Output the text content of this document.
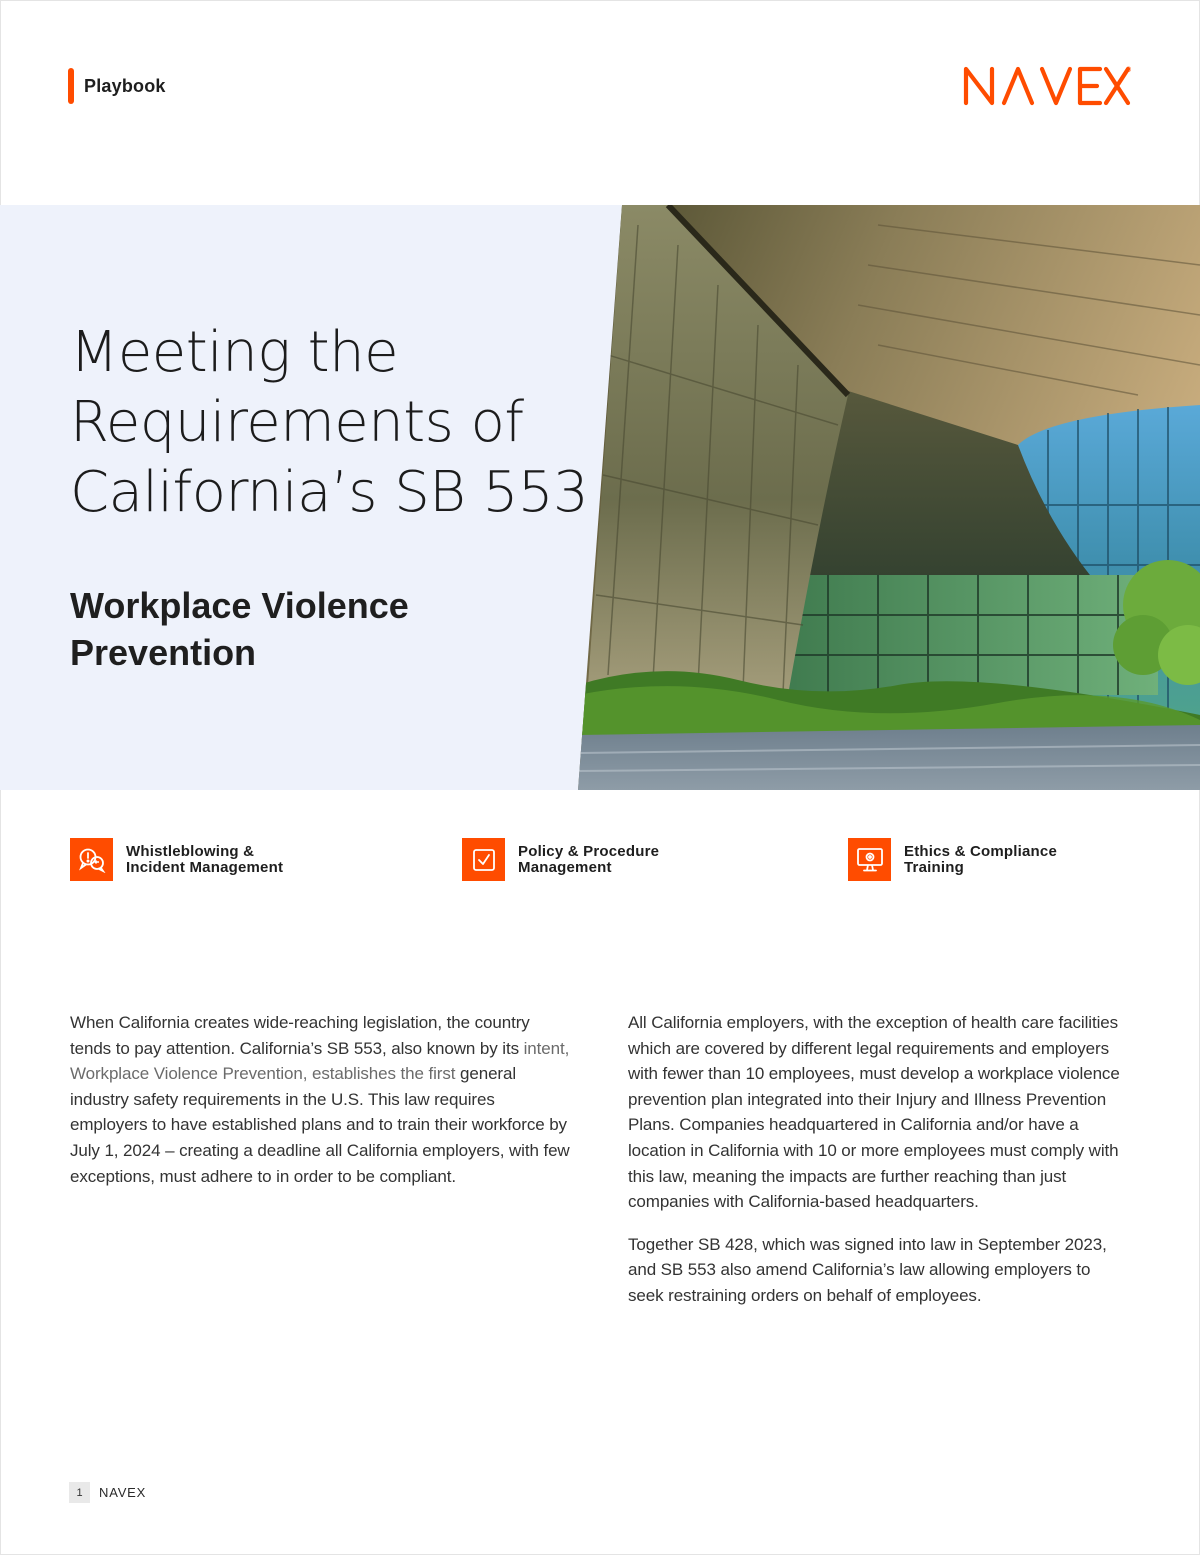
Playbook
®
Meeting the
Requirements of
California’s SB 553
Workplace Violence
Prevention
Whistleblowing &
Incident Management
Policy & Procedure
Management
Ethics & Compliance
Training

When California creates wide-reaching legislation, the country tends to pay attention. California’s SB 553, also known by its intent, Workplace Violence Prevention, establishes the first general industry safety requirements in the U.S. This law requires employers to have established plans and to train their workforce by July 1, 2024 – creating a deadline all California employers, with few exceptions, must adhere to in order to be compliant.

All California employers, with the exception of health care facilities which are covered by different legal requirements and employers with fewer than 10 employees, must develop a workplace violence prevention plan integrated into their Injury and Illness Prevention Plans. Companies headquartered in California and/or have a location in California with 10 or more employees must comply with this law, meaning the impacts are further reaching than just companies with California-based headquarters.

Together SB 428, which was signed into law in September 2023, and SB 553 also amend California’s law allowing employers to seek restraining orders on behalf of employees.

1	NAVEX
